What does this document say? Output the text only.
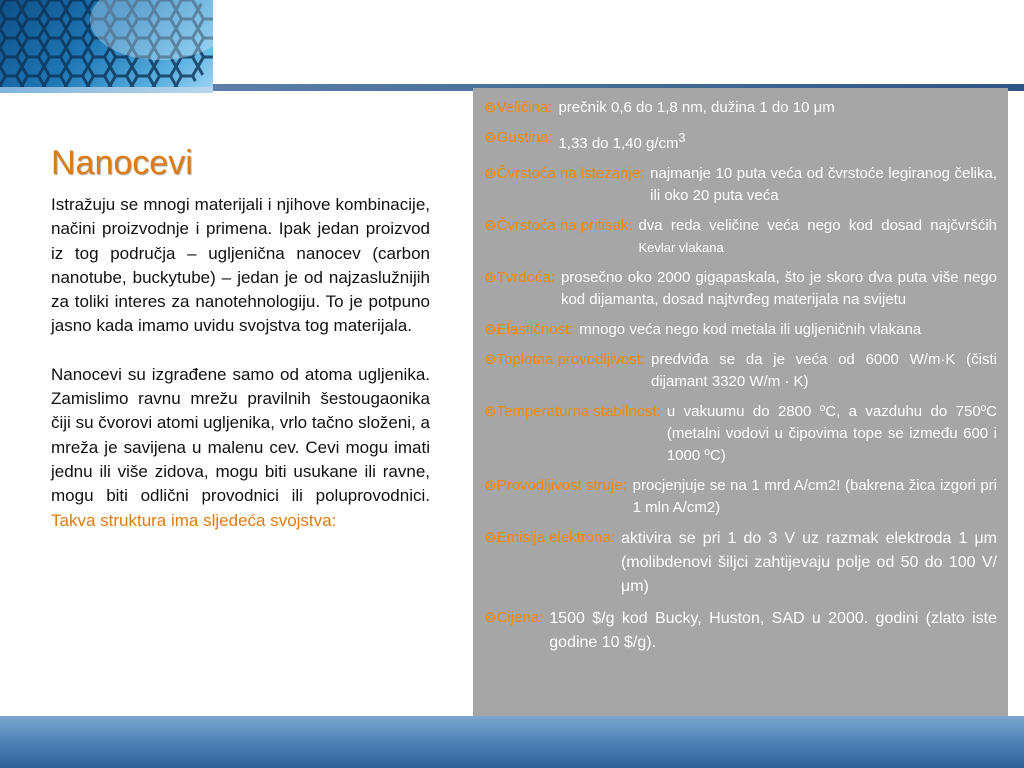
Nanocevi

Istražuju se mnogi materijali i njihove kombinacije, načini proizvodnje i primena. Ipak jedan proizvod iz tog područja – ugljenična nanocev (carbon nanotube, buckytube) – jedan je od najzaslužnijih za toliki interes za nanotehnologiju. To je potpuno jasno kada imamo uvidu svojstva tog materijala.

Nanocevi su izgrađene samo od atoma ugljenika. Zamislimo ravnu mrežu pravilnih šestougaonika čiji su čvorovi atomi ugljenika, vrlo tačno složeni, a mreža je savijena u malenu cev. Cevi mogu imati jednu ili više zidova, mogu biti usukane ili ravne, mogu biti odlični provodnici ili poluprovodnici. Takva struktura ima sljedeća svojstva:

⊚Veličina: prečnik 0,6 do 1,8 nm, dužina 1 do 10 μm
⊚Gustina: 1,33 do 1,40 $g/cm^3$
⊚Čvrstoća na istezanje: najmanje 10 puta veća od čvrstoće legiranog čelika, ili oko 20 puta veća
⊚Čvrstoća na pritisak: dva reda veličine veća nego kod dosad najčvršćih Kevlar vlakana
⊚Tvrdoća: prosečno oko 2000 gigapaskala, što je skoro dva puta više nego kod dijamanta, dosad najtvrđeg materijala na svijetu
⊚Elastičnost: mnogo veća nego kod metala ili ugljeničnih vlakana
⊚Toplotna provodljivost: predviđa se da je veća od 6000 W/m·K (čisti dijamant 3320 W/m · K)
⊚Temperaturna stabilnost: u vakuumu do 2800 ºC, a vazduhu do 750ºC (metalni vodovi u čipovima tope se između 600 i 1000 ºC)
⊚Provodljivost struje: procjenjuje se na 1 mrd A/cm2! (bakrena žica izgori pri 1 mln A/cm2)
⊚Emisija elektrona: aktivira se pri 1 do 3 V uz razmak elektroda 1 μm (molibdenovi šiljci zahtijevaju polje od 50 do 100 V/μm)
⊚Cijena: 1500 $/g kod Bucky, Huston, SAD u 2000. godini (zlato iste godine 10 $/g).
